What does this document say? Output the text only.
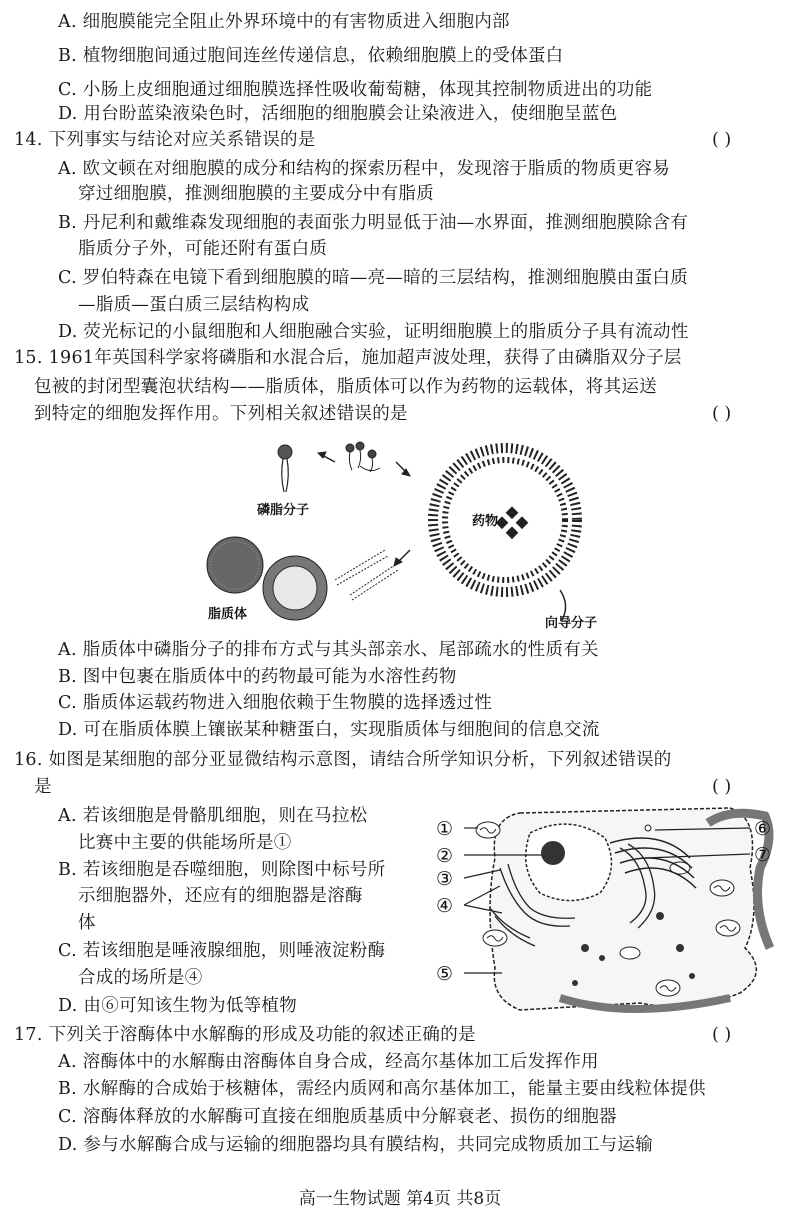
A. 细胞膜能完全阻止外界环境中的有害物质进入细胞内部
B. 植物细胞间通过胞间连丝传递信息，依赖细胞膜上的受体蛋白
C. 小肠上皮细胞通过细胞膜选择性吸收葡萄糖，体现其控制物质进出的功能
D. 用台盼蓝染液染色时，活细胞的细胞膜会让染液进入，使细胞呈蓝色
14. 下列事实与结论对应关系错误的是	( )
A. 欧文顿在对细胞膜的成分和结构的探索历程中，发现溶于脂质的物质更容易
穿过细胞膜，推测细胞膜的主要成分中有脂质
B. 丹尼利和戴维森发现细胞的表面张力明显低于油—水界面，推测细胞膜除含有
脂质分子外，可能还附有蛋白质
C. 罗伯特森在电镜下看到细胞膜的暗—亮—暗的三层结构，推测细胞膜由蛋白质
—脂质—蛋白质三层结构构成
D. 荧光标记的小鼠细胞和人细胞融合实验，证明细胞膜上的脂质分子具有流动性
15. 1961年英国科学家将磷脂和水混合后，施加超声波处理，获得了由磷脂双分子层
包被的封闭型囊泡状结构——脂质体，脂质体可以作为药物的运载体，将其运送
到特定的细胞发挥作用。下列相关叙述错误的是	( )
磷脂分子
药物
脂质体
向导分子
A. 脂质体中磷脂分子的排布方式与其头部亲水、尾部疏水的性质有关
B. 图中包裹在脂质体中的药物最可能为水溶性药物
C. 脂质体运载药物进入细胞依赖于生物膜的选择透过性
D. 可在脂质体膜上镶嵌某种糖蛋白，实现脂质体与细胞间的信息交流
16. 如图是某细胞的部分亚显微结构示意图，请结合所学知识分析，下列叙述错误的
是	( )
A. 若该细胞是骨骼肌细胞，则在马拉松
比赛中主要的供能场所是①
B. 若该细胞是吞噬细胞，则除图中标号所
示细胞器外，还应有的细胞器是溶酶
体
C. 若该细胞是唾液腺细胞，则唾液淀粉酶
合成的场所是④
D. 由⑥可知该生物为低等植物
①
②
③
④
⑤
⑥
⑦
17. 下列关于溶酶体中水解酶的形成及功能的叙述正确的是	( )
A. 溶酶体中的水解酶由溶酶体自身合成，经高尔基体加工后发挥作用
B. 水解酶的合成始于核糖体，需经内质网和高尔基体加工，能量主要由线粒体提供
C. 溶酶体释放的水解酶可直接在细胞质基质中分解衰老、损伤的细胞器
D. 参与水解酶合成与运输的细胞器均具有膜结构，共同完成物质加工与运输
高一生物试题 第4页 共8页
